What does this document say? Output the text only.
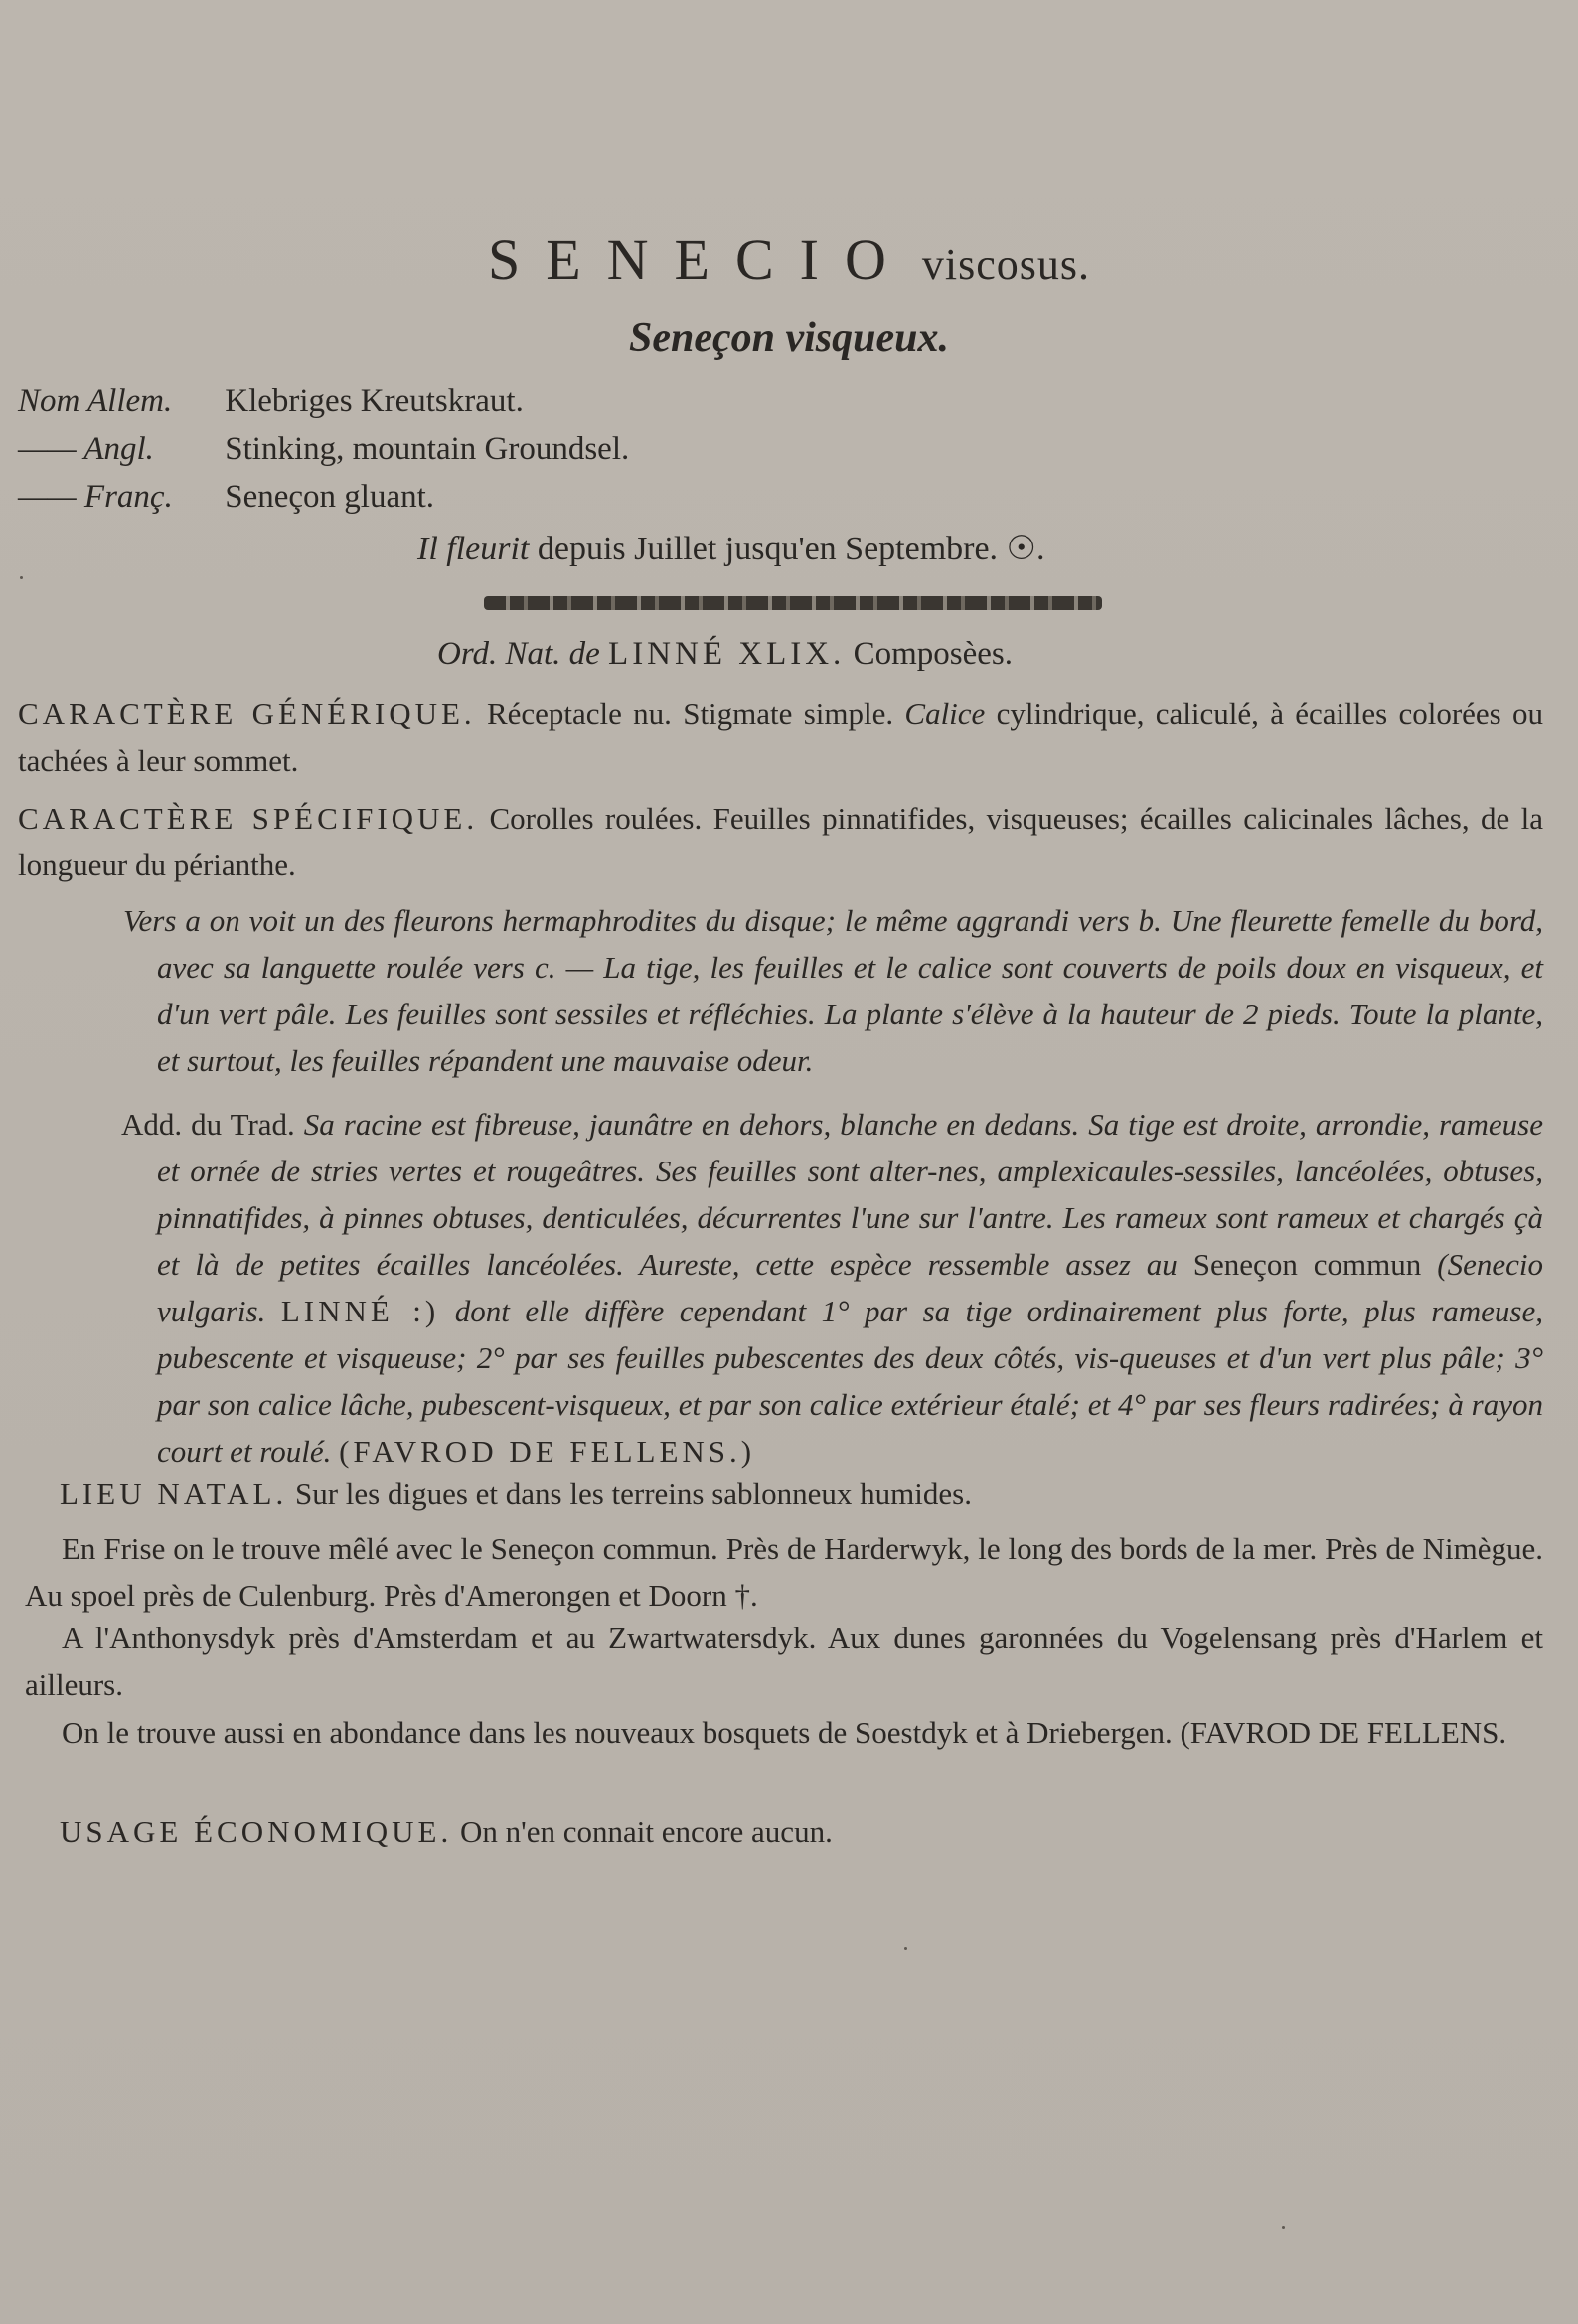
SENECIO viscosus.
Seneçon visqueux.
Nom Allem. Klebriges Kreutskraut.
—— Angl. Stinking, mountain Groundsel.
—— Franç. Seneçon gluant.
Il fleurit depuis Juillet jusqu'en Septembre. ☉.
Ord. Nat. de LINNÉ XLIX. Composèes.
CARACTÈRE GÉNÉRIQUE. Réceptacle nu. Stigmate simple. Calice cylindrique, caliculé, à écailles colorées ou tachées à leur sommet.
CARACTÈRE SPÉCIFIQUE. Corolles roulées. Feuilles pinnatifides, visqueuses; écailles calicinales lâches, de la longueur du périanthe.
Vers a on voit un des fleurons hermaphrodites du disque; le même aggrandi vers b. Une fleurette femelle du bord, avec sa languette roulée vers c. — La tige, les feuilles et le calice sont couverts de poils doux en visqueux, et d'un vert pâle. Les feuilles sont sessiles et réfléchies. La plante s'élève à la hauteur de 2 pieds. Toute la plante, et surtout, les feuilles répandent une mauvaise odeur.
Add. du Trad. Sa racine est fibreuse, jaunâtre en dehors, blanche en dedans. Sa tige est droite, arrondie, rameuse et ornée de stries vertes et rougeâtres. Ses feuilles sont alter-nes, amplexicaules-sessiles, lancéolées, obtuses, pinnatifides, à pinnes obtuses, denticulées, décurrentes l'une sur l'antre. Les rameux sont rameux et chargés çà et là de petites écailles lancéolées. Aureste, cette espèce ressemble assez au Seneçon commun (Senecio vulgaris. LINNÉ :) dont elle diffère cependant 1° par sa tige ordinairement plus forte, plus rameuse, pubescente et visqueuse; 2° par ses feuilles pubescentes des deux côtés, vis-queuses et d'un vert plus pâle; 3° par son calice lâche, pubescent-visqueux, et par son calice extérieur étalé; et 4° par ses fleurs radirées; à rayon court et roulé. (FAVROD DE FELLENS.)
LIEU NATAL. Sur les digues et dans les terreins sablonneux humides.
En Frise on le trouve mêlé avec le Seneçon commun. Près de Harderwyk, le long des bords de la mer. Près de Nimègue. Au spoel près de Culenburg. Près d'Amerongen et Doorn †.
A l'Anthonysdyk près d'Amsterdam et au Zwartwatersdyk. Aux dunes garonnées du Vogelensang près d'Harlem et ailleurs.
On le trouve aussi en abondance dans les nouveaux bosquets de Soestdyk et à Driebergen. (FAVROD DE FELLENS.
USAGE ÉCONOMIQUE. On n'en connait encore aucun.
